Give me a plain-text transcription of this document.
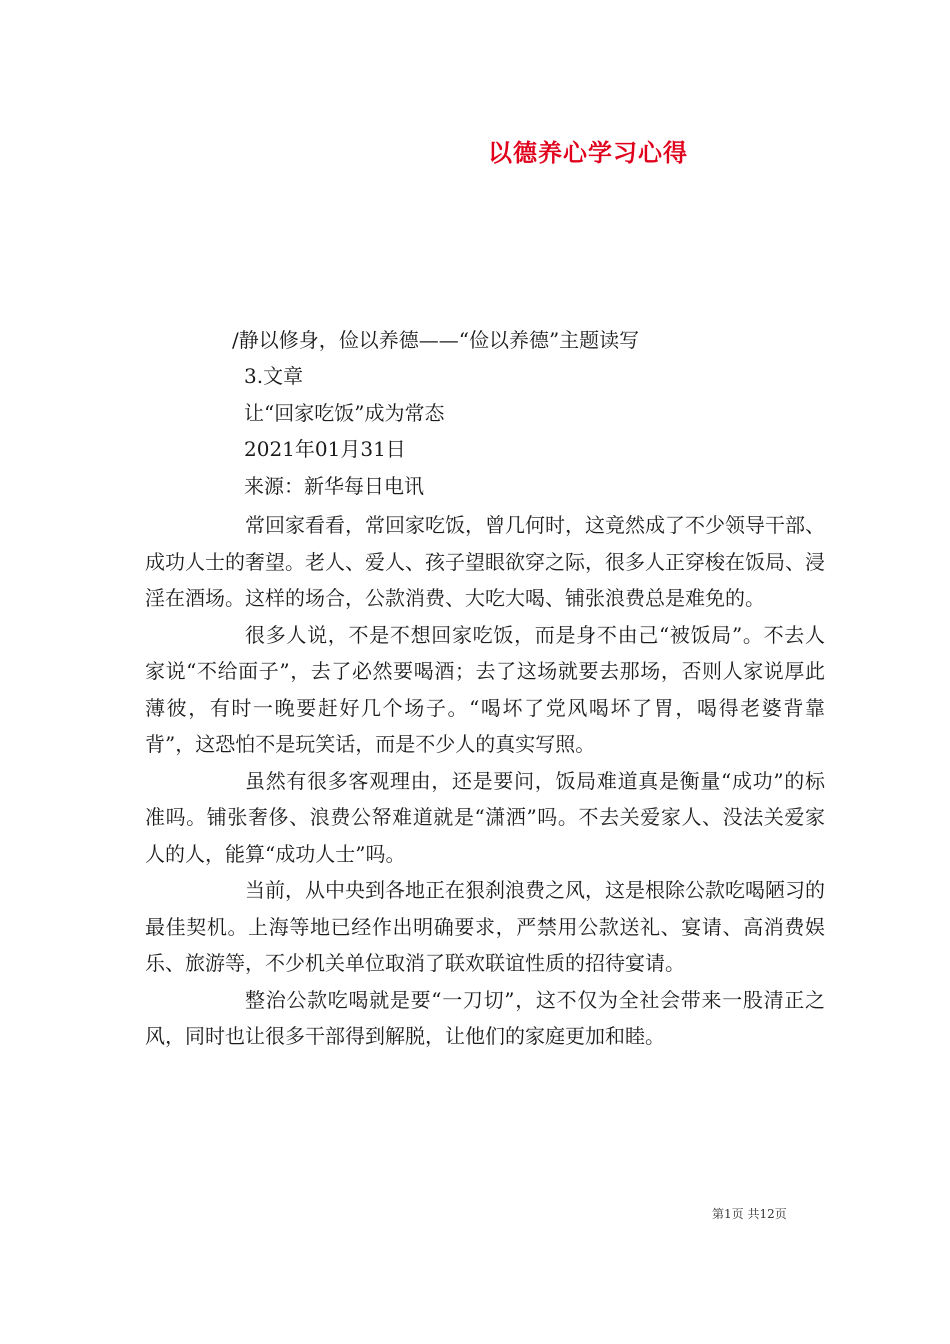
以德养心学习心得
/静以修身，俭以养德——“俭以养德”主题读写
3.文章
让“回家吃饭”成为常态
2021年01月31日
来源：新华每日电讯

常回家看看，常回家吃饭，曾几何时，这竟然成了不少领导干部、成功人士的奢望。老人、爱人、孩子望眼欲穿之际，很多人正穿梭在饭局、浸淫在酒场。这样的场合，公款消费、大吃大喝、铺张浪费总是难免的。

很多人说，不是不想回家吃饭，而是身不由己“被饭局”。不去人家说“不给面子”，去了必然要喝酒；去了这场就要去那场，否则人家说厚此薄彼，有时一晚要赶好几个场子。“喝坏了党风喝坏了胃，喝得老婆背靠背”，这恐怕不是玩笑话，而是不少人的真实写照。

虽然有很多客观理由，还是要问，饭局难道真是衡量“成功”的标准吗。铺张奢侈、浪费公帑难道就是“潇洒”吗。不去关爱家人、没法关爱家人的人，能算“成功人士”吗。

当前，从中央到各地正在狠刹浪费之风，这是根除公款吃喝陋习的最佳契机。上海等地已经作出明确要求，严禁用公款送礼、宴请、高消费娱乐、旅游等，不少机关单位取消了联欢联谊性质的招待宴请。

整治公款吃喝就是要“一刀切”，这不仅为全社会带来一股清正之风，同时也让很多干部得到解脱，让他们的家庭更加和睦。

第1页 共12页
